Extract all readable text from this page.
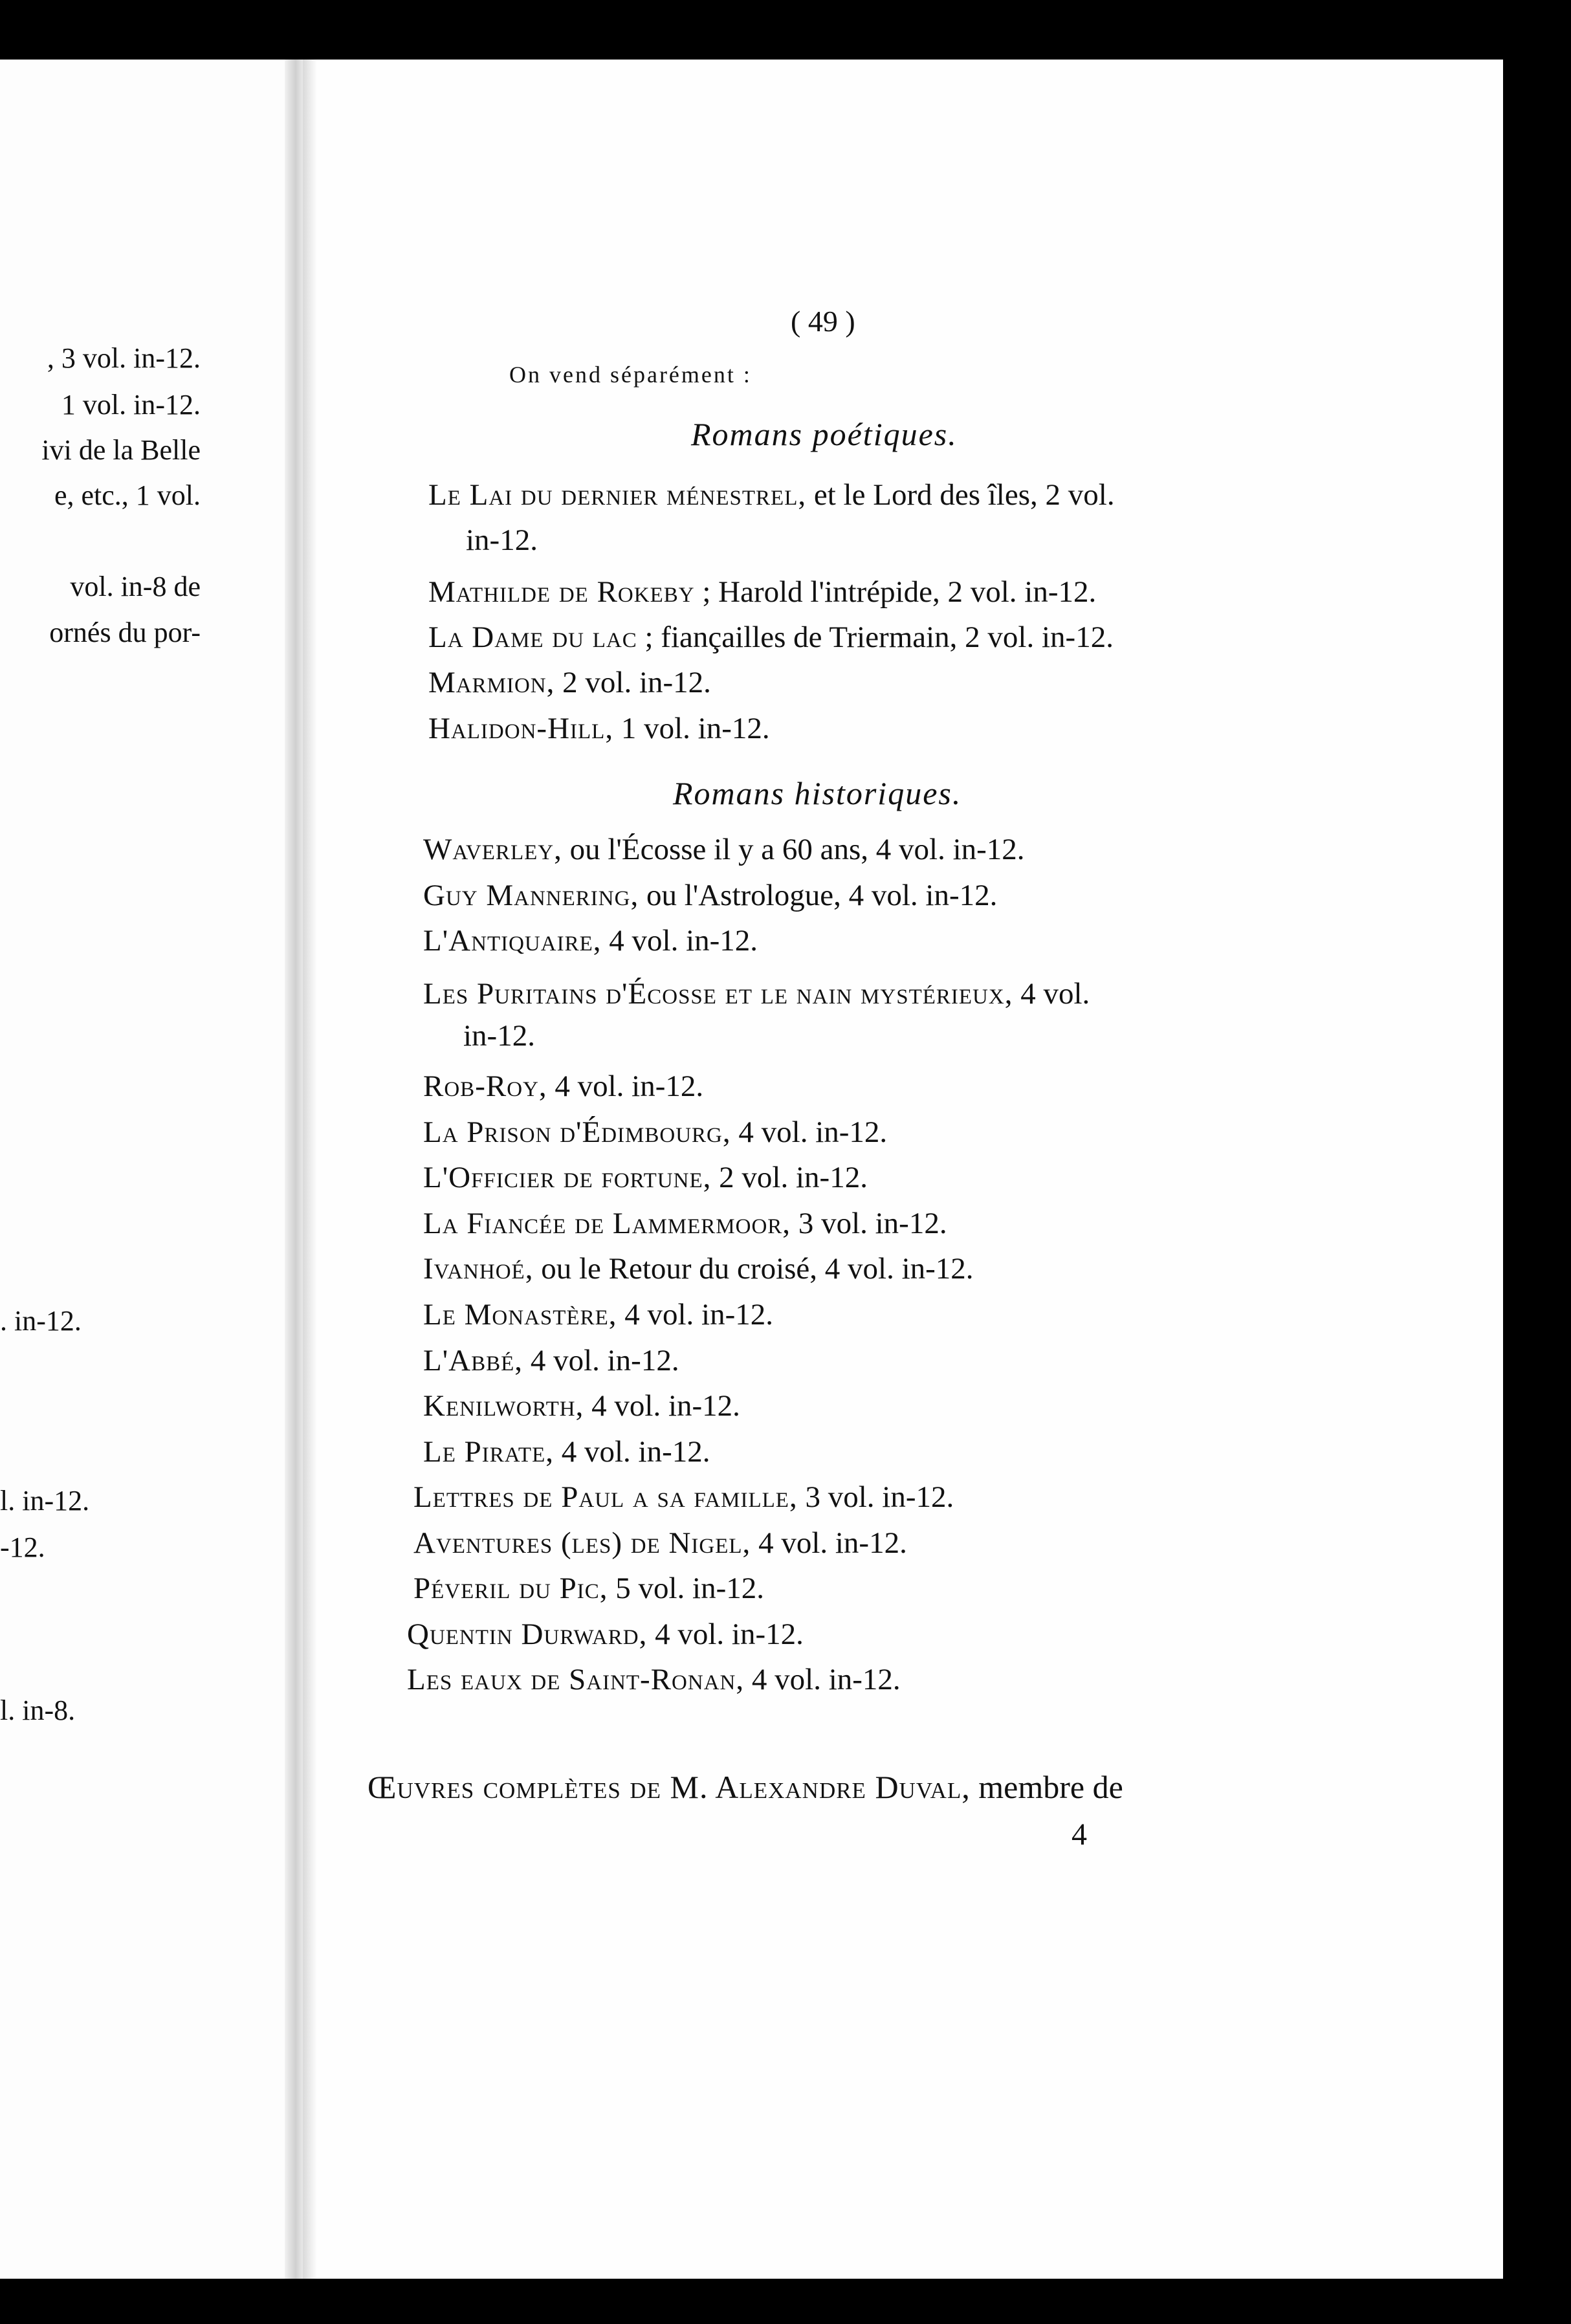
, 3 vol. in-12.
1 vol. in-12.
ivi de la Belle
e, etc., 1 vol.
vol. in-8 de
ornés du por-
. in-12.
l. in-12.
-12.
l. in-8.
( 49 )
On vend séparément :
Romans poétiques.
Le Lai du dernier ménestrel, et le Lord des îles, 2 vol.
in-12.
Mathilde de Rokeby ; Harold l'intrépide, 2 vol. in-12.
La Dame du lac ; fiançailles de Triermain, 2 vol. in-12.
Marmion, 2 vol. in-12.
Halidon-Hill, 1 vol. in-12.
Romans historiques.
Waverley, ou l'Écosse il y a 60 ans, 4 vol. in-12.
Guy Mannering, ou l'Astrologue, 4 vol. in-12.
L'Antiquaire, 4 vol. in-12.
Les Puritains d'Écosse et le nain mystérieux, 4 vol.
in-12.
Rob-Roy, 4 vol. in-12.
La Prison d'Édimbourg, 4 vol. in-12.
L'Officier de fortune, 2 vol. in-12.
La Fiancée de Lammermoor, 3 vol. in-12.
Ivanhoé, ou le Retour du croisé, 4 vol. in-12.
Le Monastère, 4 vol. in-12.
L'Abbé, 4 vol. in-12.
Kenilworth, 4 vol. in-12.
Le Pirate, 4 vol. in-12.
Lettres de Paul a sa famille, 3 vol. in-12.
Aventures (les) de Nigel, 4 vol. in-12.
Péveril du Pic, 5 vol. in-12.
Quentin Durward, 4 vol. in-12.
Les eaux de Saint-Ronan, 4 vol. in-12.
Œuvres complètes de M. Alexandre Duval, membre de
4
